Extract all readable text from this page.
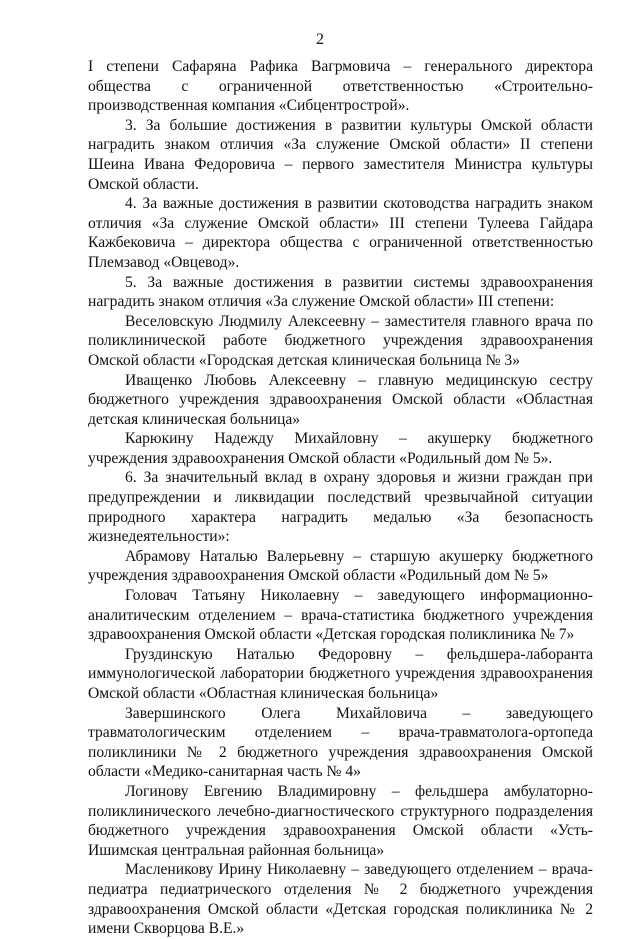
2

I степени Сафаряна Рафика Вагрмовича – генерального директора общества с ограниченной ответственностью «Строительно-производственная компания «Сибцентрострой».

3. За большие достижения в развитии культуры Омской области наградить знаком отличия «За служение Омской области» II степени Шеина Ивана Федоровича – первого заместителя Министра культуры Омской области.

4. За важные достижения в развитии скотоводства наградить знаком отличия «За служение Омской области» III степени Тулеева Гайдара Кажбековича – директора общества с ограниченной ответственностью Племзавод «Овцевод».

5. За важные достижения в развитии системы здравоохранения наградить знаком отличия «За служение Омской области» III степени:

Веселовскую Людмилу Алексеевну – заместителя главного врача по поликлинической работе бюджетного учреждения здравоохранения Омской области «Городская детская клиническая больница № 3»

Иващенко Любовь Алексеевну – главную медицинскую сестру бюджетного учреждения здравоохранения Омской области «Областная детская клиническая больница»

Карюкину Надежду Михайловну – акушерку бюджетного учреждения здравоохранения Омской области «Родильный дом № 5».

6. За значительный вклад в охрану здоровья и жизни граждан при предупреждении и ликвидации последствий чрезвычайной ситуации природного характера наградить медалью «За безопасность жизнедеятельности»:

Абрамову Наталью Валерьевну – старшую акушерку бюджетного учреждения здравоохранения Омской области «Родильный дом № 5»

Головач Татьяну Николаевну – заведующего информационно-аналитическим отделением – врача-статистика бюджетного учреждения здравоохранения Омской области «Детская городская поликлиника № 7»

Груздинскую Наталью Федоровну – фельдшера-лаборанта иммунологической лаборатории бюджетного учреждения здравоохранения Омской области «Областная клиническая больница»

Завершинского Олега Михайловича – заведующего травматологическим отделением – врача-травматолога-ортопеда поликлиники № 2 бюджетного учреждения здравоохранения Омской области «Медико-санитарная часть № 4»

Логинову Евгению Владимировну – фельдшера амбулаторно-поликлинического лечебно-диагностического структурного подразделения бюджетного учреждения здравоохранения Омской области «Усть-Ишимская центральная районная больница»

Масленикову Ирину Николаевну – заведующего отделением – врача-педиатра педиатрического отделения № 2 бюджетного учреждения здравоохранения Омской области «Детская городская поликлиника № 2 имени Скворцова В.Е.»
